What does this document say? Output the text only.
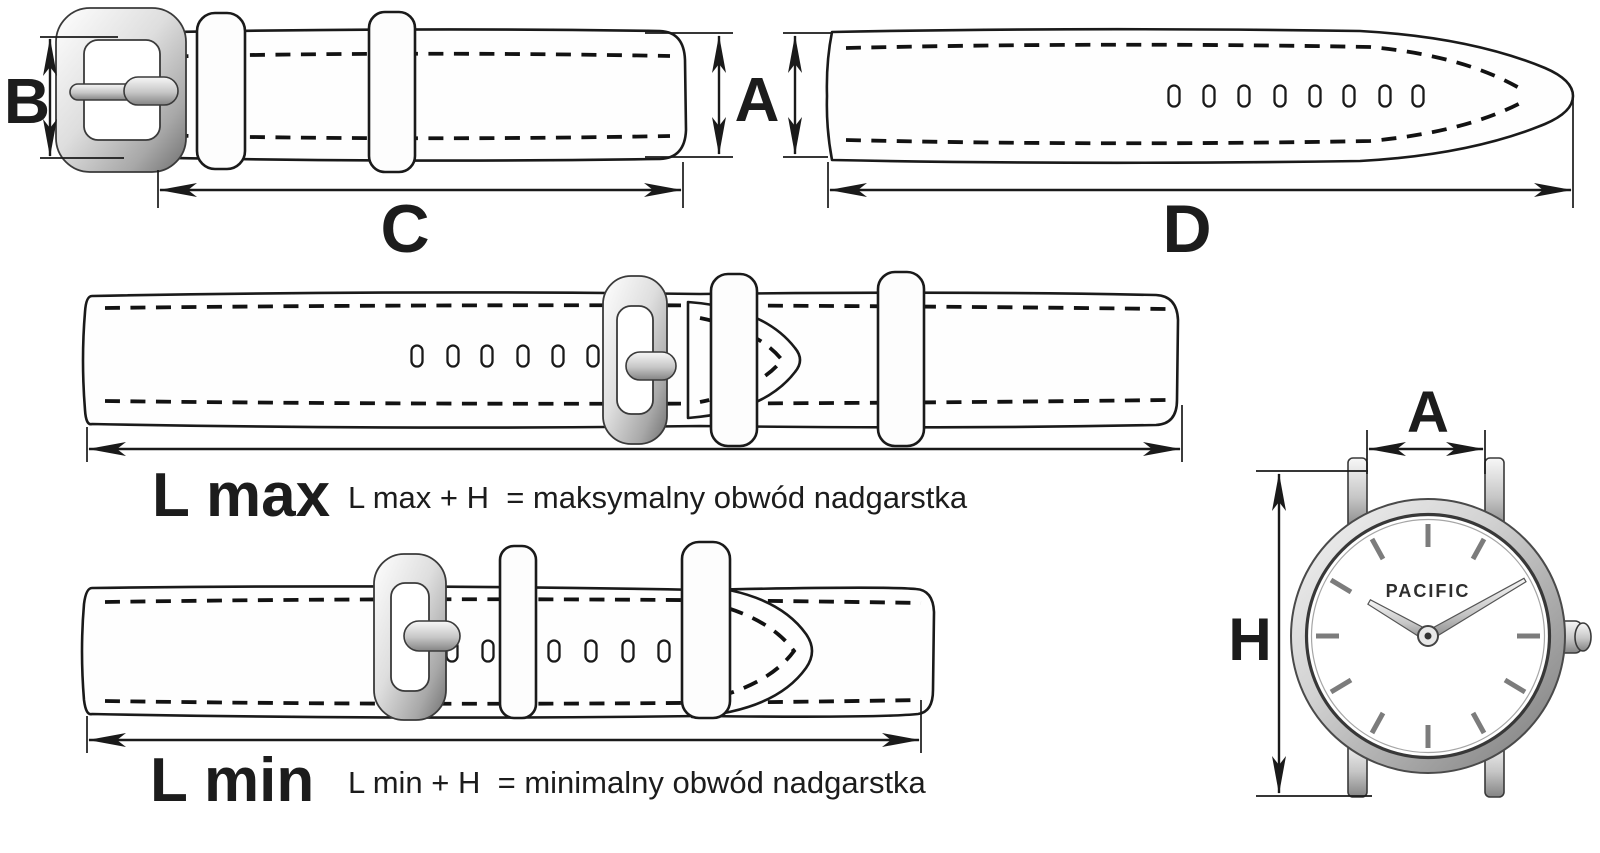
B
C
A
D
L max L max + H  = maksymalny obwód nadgarstka
L min L min + H  = minimalny obwód nadgarstka
PACIFIC
A
H
